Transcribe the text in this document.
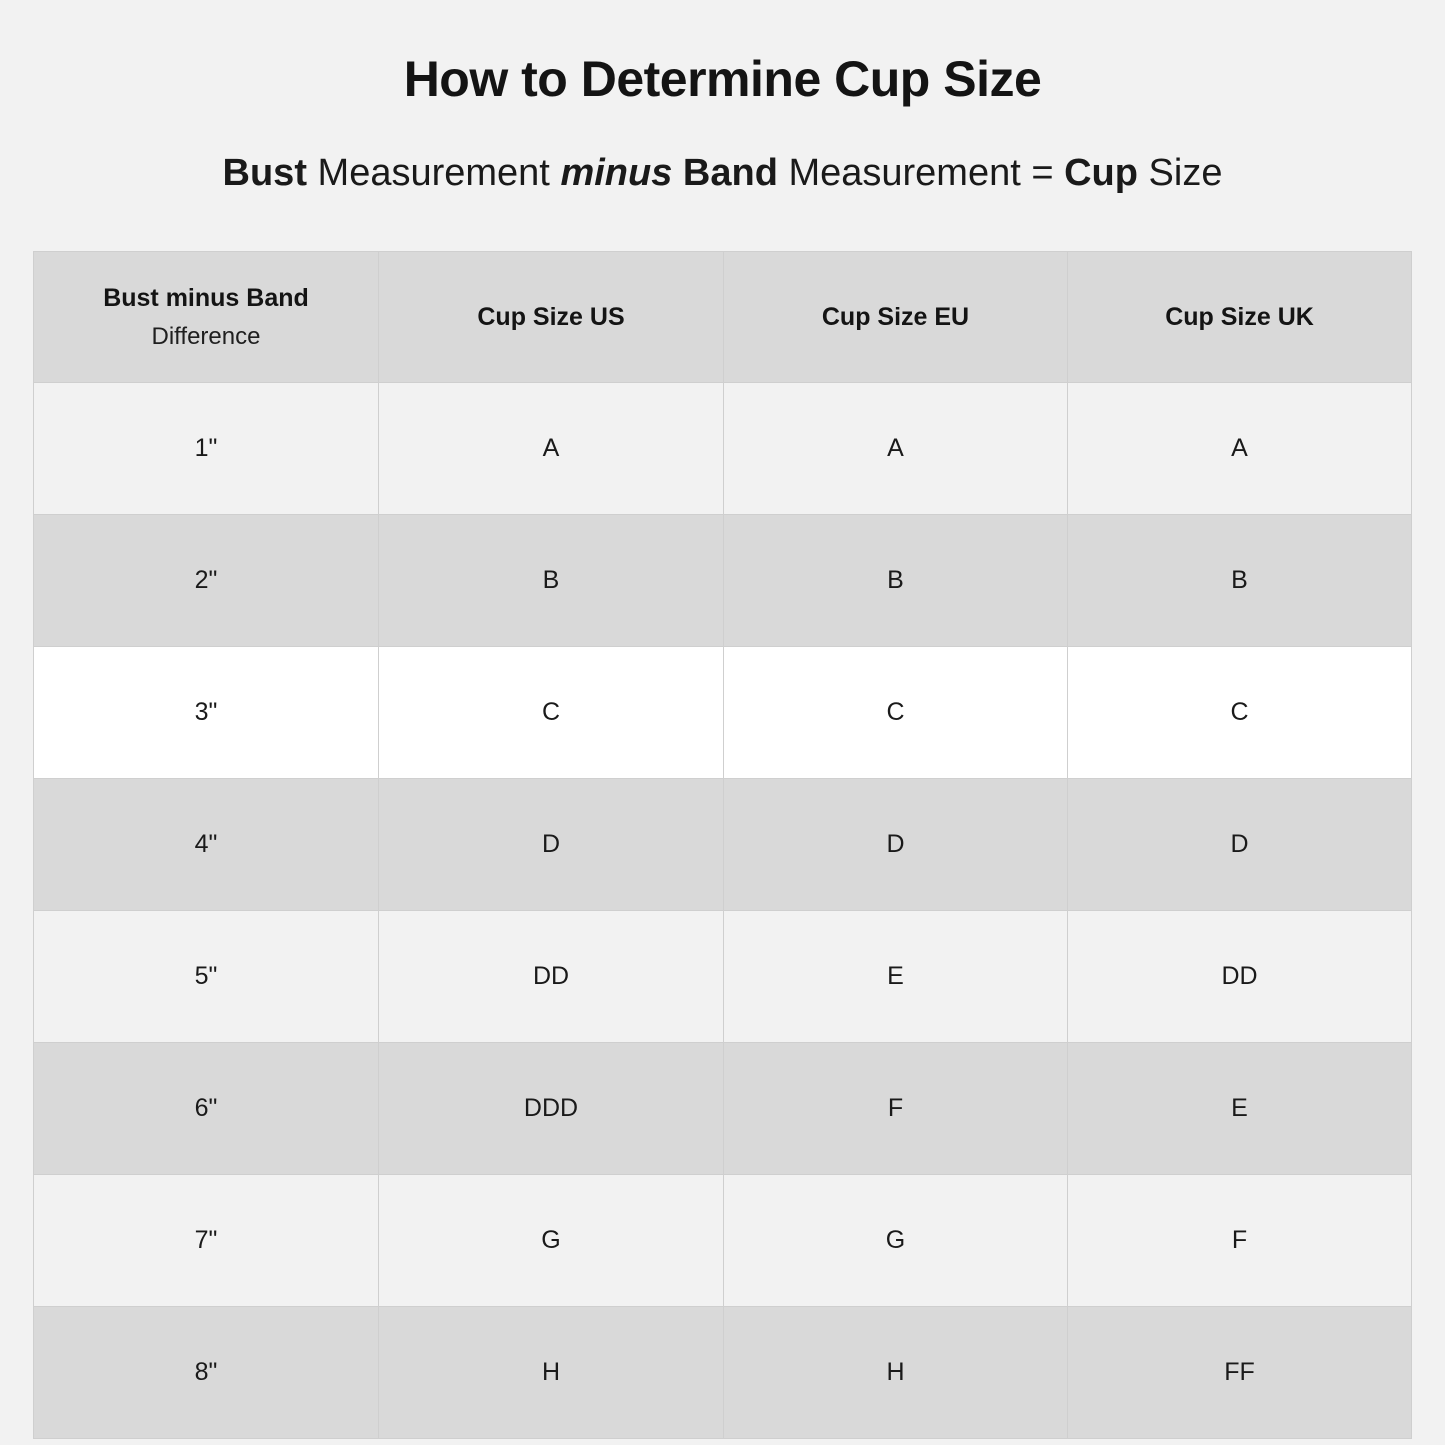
How to Determine Cup Size
Bust Measurement minus Band Measurement = Cup Size
Bust minus Band
Difference	Cup Size US	Cup Size EU	Cup Size UK
1"	A	A	A
2"	B	B	B
3"	C	C	C
4"	D	D	D
5"	DD	E	DD
6"	DDD	F	E
7"	G	G	F
8"	H	H	FF
